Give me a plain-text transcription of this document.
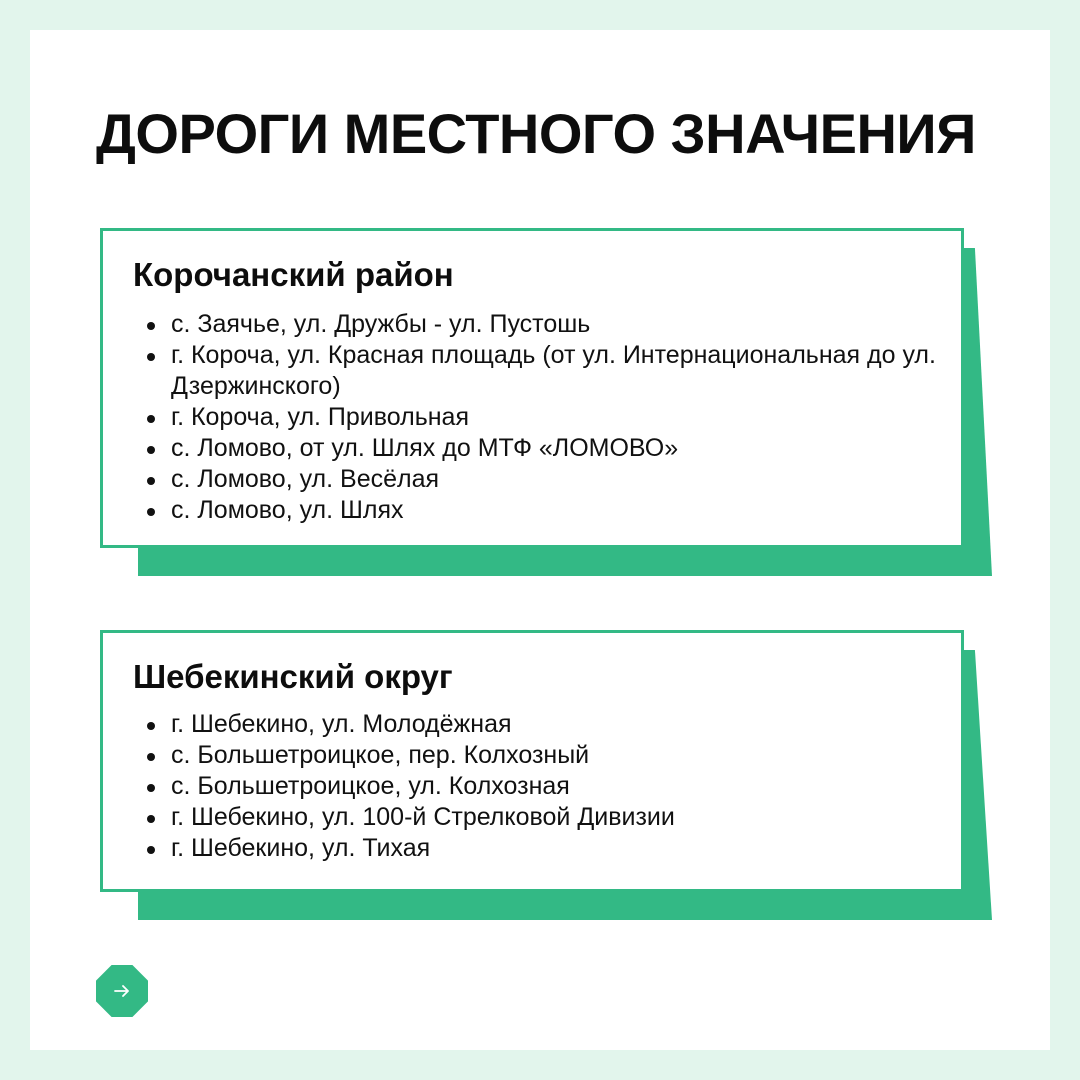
ДОРОГИ МЕСТНОГО ЗНАЧЕНИЯ
Корочанский район
с. Заячье, ул. Дружбы - ул. Пустошь
г. Короча, ул. Красная площадь (от ул. Интернациональная до ул. Дзержинского)
г. Короча, ул. Привольная
с. Ломово, от ул. Шлях до МТФ «ЛОМОВО»
с. Ломово, ул. Весёлая
с. Ломово, ул. Шлях
Шебекинский округ
г. Шебекино, ул. Молодёжная
с. Большетроицкое, пер. Колхозный
с. Большетроицкое, ул. Колхозная
г. Шебекино, ул. 100-й Стрелковой Дивизии
г. Шебекино, ул. Тихая
